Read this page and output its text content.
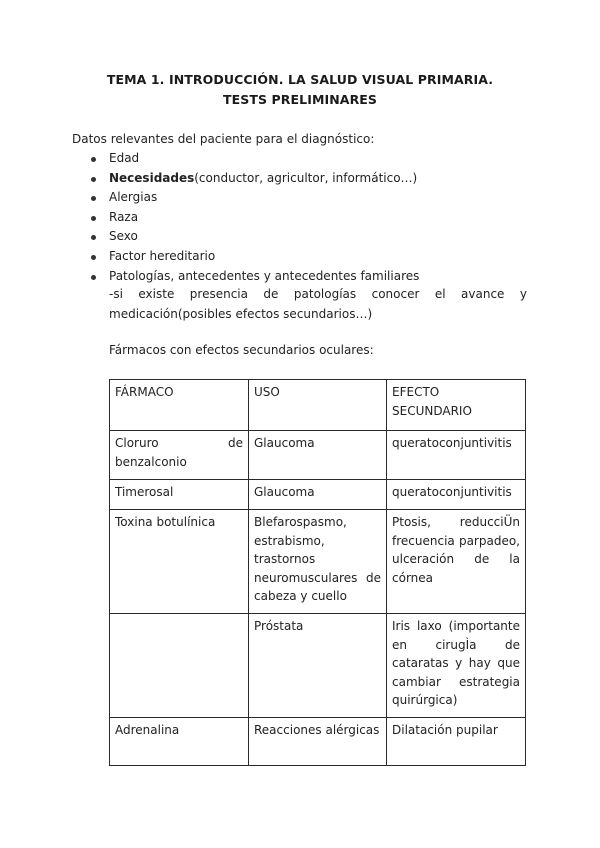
TEMA 1. INTRODUCCIÓN. LA SALUD VISUAL PRIMARIA. TESTS PRELIMINARES
Datos relevantes del paciente para el diagnóstico:
Edad
Necesidades(conductor, agricultor, informático…)
Alergias
Raza
Sexo
Factor hereditario
Patologías, antecedentes y antecedentes familiares
-si existe presencia de patologías conocer el avance y medicación(posibles efectos secundarios…)
Fármacos con efectos secundarios oculares:
FÁRMACO	USO	EFECTO SECUNDARIO
Cloruro de benzalconio	Glaucoma	queratoconjuntivitis
Timerosal	Glaucoma	queratoconjuntivitis
Toxina botulínica	Blefarospasmo, estrabismo, trastornos neuromusculares de cabeza y cuello	Ptosis, reducciÜn frecuencia parpadeo, ulceración de la córnea
	Próstata	Iris laxo (importante en cirugÌa de cataratas y hay que cambiar estrategia quirúrgica)
Adrenalina	Reacciones alérgicas	Dilatación pupilar
